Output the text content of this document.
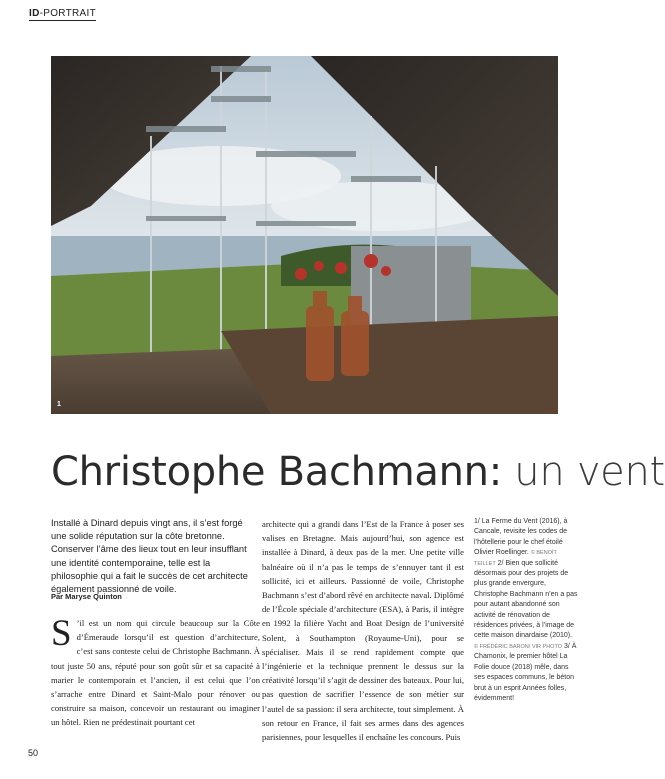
ID-PORTRAIT
1
Christophe Bachmann: un vent
Installé à Dinard depuis vingt ans, il s’est forgé une solide réputation sur la côte bretonne. Conserver l’âme des lieux tout en leur insufflant une identité contemporaine, telle est la philosophie qui a fait le succès de cet architecte également passionné de voile.
Par Maryse Quinton
S ’il est un nom qui circule beaucoup sur la Côte d’Émeraude lorsqu’il est question d’architecture, c’est sans conteste celui de Christophe Bachmann. À tout juste 50 ans, réputé pour son goût sûr et sa capacité à marier le contemporain et l’ancien, il est celui que l’on s’arrache entre Dinard et Saint-Malo pour rénover ou construire sa maison, concevoir un restaurant ou imaginer un hôtel. Rien ne prédestinait pourtant cet
architecte qui a grandi dans l’Est de la France à poser ses valises en Bretagne. Mais aujourd’hui, son agence est installée à Dinard, à deux pas de la mer. Une petite ville balnéaire où il n’a pas le temps de s’ennuyer tant il est sollicité, ici et ailleurs. Passionné de voile, Christophe Bachmann s’est d’abord rêvé en architecte naval. Diplômé de l’École spéciale d’architecture (ESA), à Paris, il intègre en 1992 la filière Yacht and Boat Design de l’université Solent, à Southampton (Royaume-Uni), pour se spécialiser. Mais il se rend rapidement compte que l’ingénierie et la technique prennent le dessus sur la créativité lorsqu’il s’agit de dessiner des bateaux. Pour lui, pas question de sacrifier l’essence de son métier sur l’autel de sa passion: il sera architecte, tout simplement. À son retour en France, il fait ses armes dans des agences parisiennes, pour lesquelles il enchaîne les concours. Puis
1/ La Ferme du Vent (2016), à Cancale, revisite les codes de l’hôtellerie pour le chef étoilé Olivier Roellinger. © BENOÎT TEILLET 2/ Bien que sollicité désormais pour des projets de plus grande envergure, Christophe Bachmann n’en a pas pour autant abandonné son activité de rénovation de résidences privées, à l’image de cette maison dinardaise (2010). © FRÉDÉRIC BARON/ VIR PHOTO 3/ À Chamonix, le premier hôtel La Folie douce (2018) mêle, dans ses espaces communs, le béton brut à un esprit Années folles, évidemment!
50
